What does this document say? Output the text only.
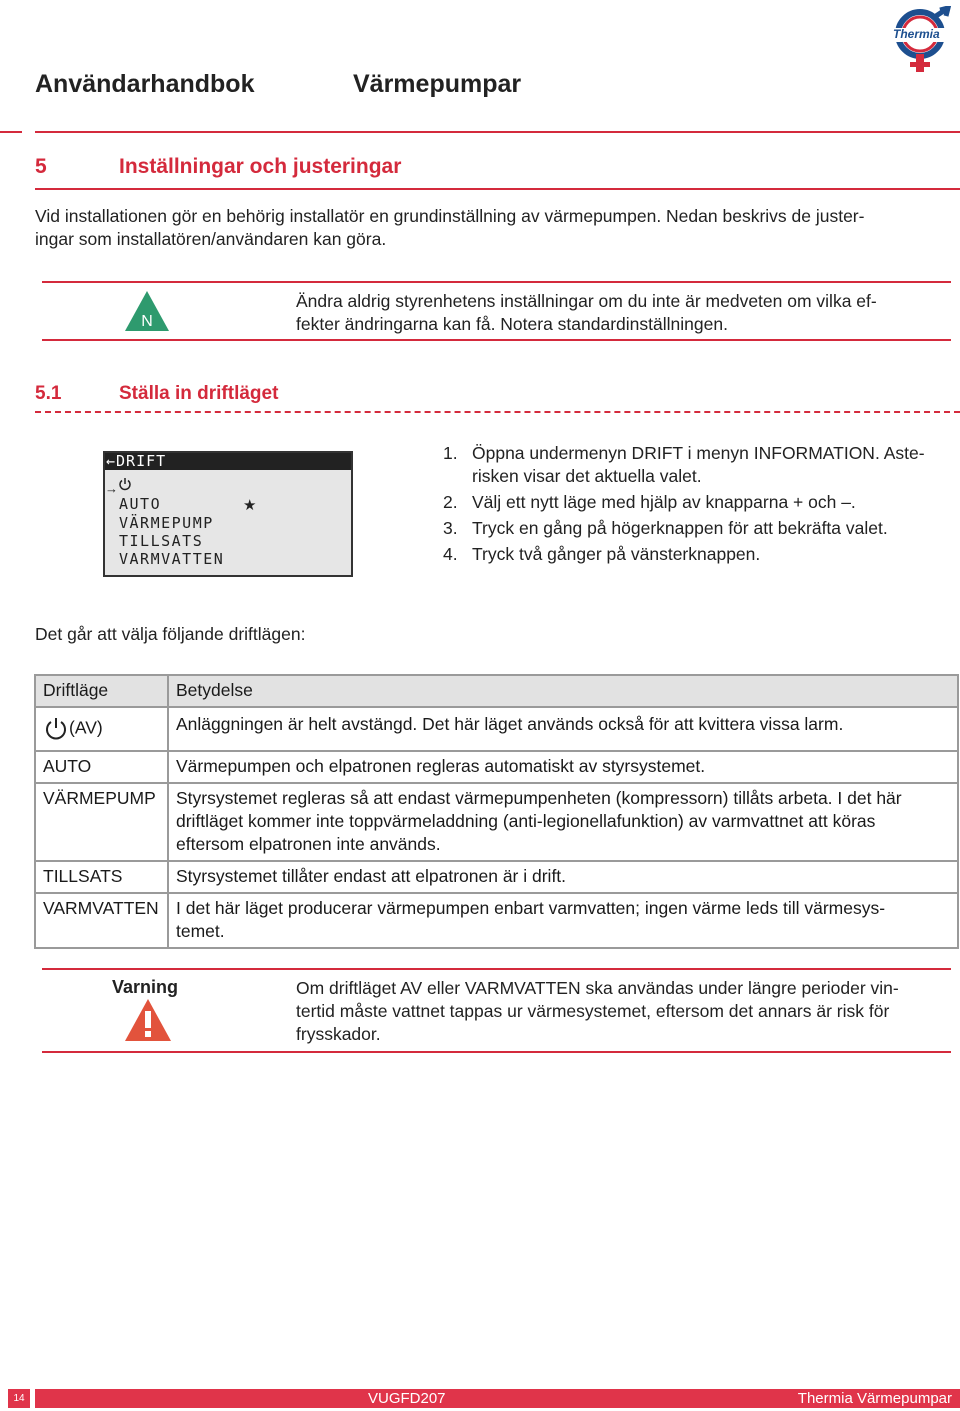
Användarhandbok	Värmepumpar
Thermia
5	Inställningar och justeringar
Vid installationen gör en behörig installatör en grundinställning av värmepumpen. Nedan beskrivs de juster-
ingar som installatören/användaren kan göra.
N
Ändra aldrig styrenhetens inställningar om du inte är medveten om vilka ef-
fekter ändringarna kan få. Notera standardinställningen.
5.1	Ställa in driftläget
←DRIFT
→
AUTO	★
VÄRMEPUMP
TILLSATS
VARMVATTEN
1. Öppna undermenyn DRIFT i menyn INFORMATION. Aste-
risken visar det aktuella valet.
2. Välj ett nytt läge med hjälp av knapparna + och –.
3. Tryck en gång på högerknappen för att bekräfta valet.
4. Tryck två gånger på vänsterknappen.
Det går att välja följande driftlägen:
Driftläge	Betydelse
(AV)	Anläggningen är helt avstängd. Det här läget används också för att kvittera vissa larm.
AUTO	Värmepumpen och elpatronen regleras automatiskt av styrsystemet.
VÄRMEPUMP	Styrsystemet regleras så att endast värmepumpenheten (kompressorn) tillåts arbeta. I det här
driftläget kommer inte toppvärmeladdning (anti-legionellafunktion) av varmvattnet att köras
eftersom elpatronen inte används.

TILLSATS	Styrsystemet tillåter endast att elpatronen är i drift.
VARMVATTEN	I det här läget producerar värmepumpen enbart varmvatten; ingen värme leds till värmesys-
temet.
Varning	Om driftläget AV eller VARMVATTEN ska användas under längre perioder vin-
tertid måste vattnet tappas ur värmesystemet, eftersom det annars är risk för
frysskador.
14	VUGFD207	Thermia Värmepumpar
